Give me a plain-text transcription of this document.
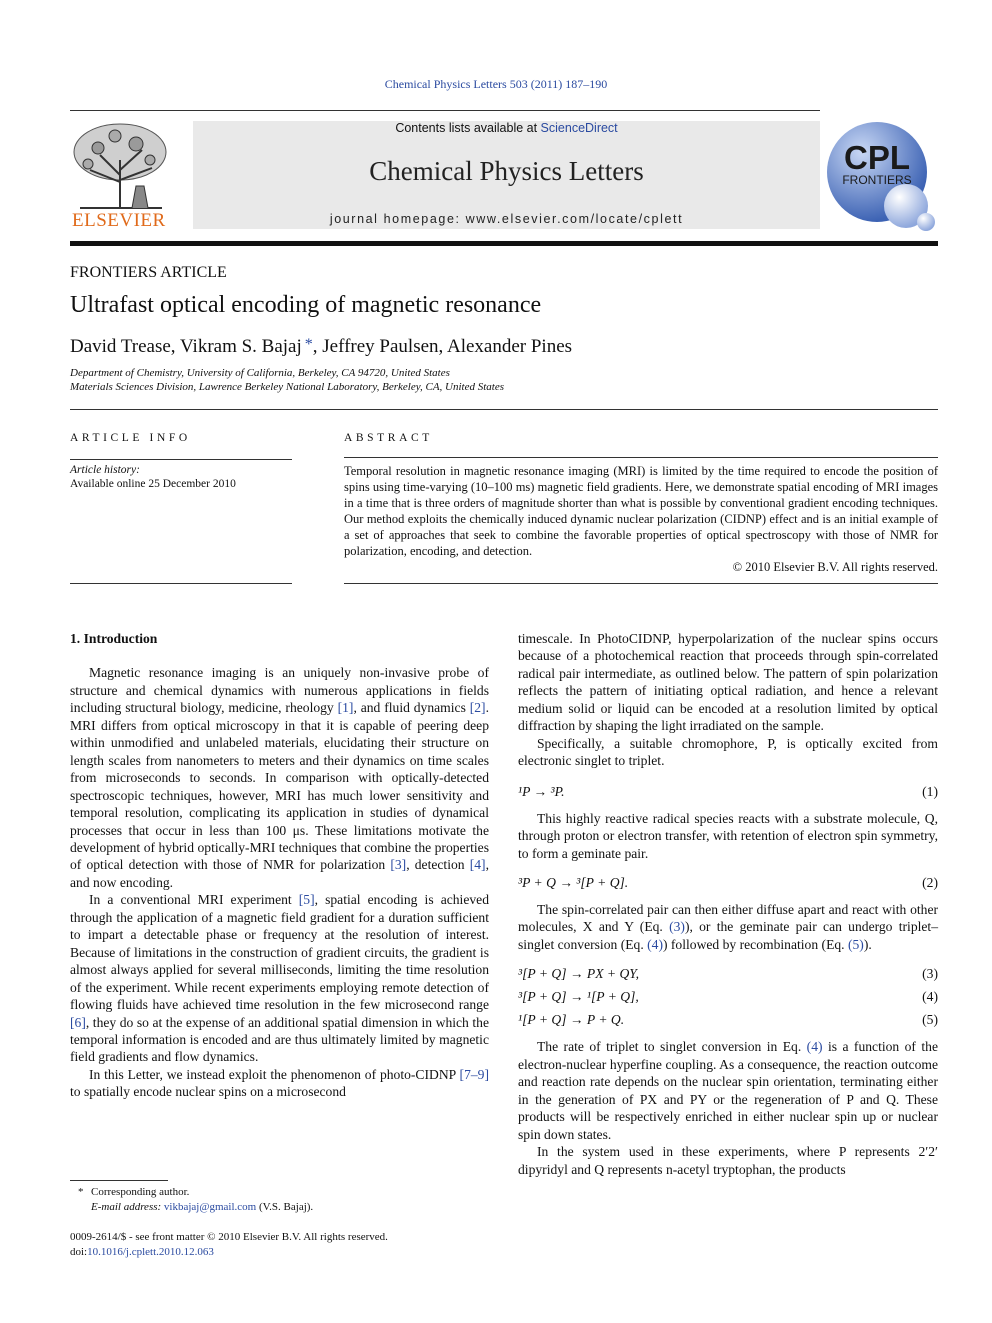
Chemical Physics Letters 503 (2011) 187–190
ELSEVIER
Contents lists available at ScienceDirect
Chemical Physics Letters
journal homepage: www.elsevier.com/locate/cplett
CPL
FRONTIERS
FRONTIERS ARTICLE
Ultrafast optical encoding of magnetic resonance
David Trease, Vikram S. Bajaj *, Jeffrey Paulsen, Alexander Pines
Department of Chemistry, University of California, Berkeley, CA 94720, United States
Materials Sciences Division, Lawrence Berkeley National Laboratory, Berkeley, CA, United States
ARTICLE INFO
Article history:
Available online 25 December 2010
ABSTRACT
Temporal resolution in magnetic resonance imaging (MRI) is limited by the time required to encode the position of spins using time-varying (10–100 ms) magnetic field gradients. Here, we demonstrate spatial encoding of MRI images in a time that is three orders of magnitude shorter than what is possible by conventional gradient encoding techniques. Our method exploits the chemically induced dynamic nuclear polarization (CIDNP) effect and is an initial example of a set of approaches that seek to combine the favorable properties of optical spectroscopy with those of NMR for polarization, encoding, and detection.
© 2010 Elsevier B.V. All rights reserved.
1. Introduction

Magnetic resonance imaging is an uniquely non-invasive probe of structure and chemical dynamics with numerous applications in fields including structural biology, medicine, rheology [1], and fluid dynamics [2]. MRI differs from optical microscopy in that it is capable of peering deep within unmodified and unlabeled materials, elucidating their structure on length scales from nanometers to meters and their dynamics on time scales from microseconds to seconds. In comparison with optically-detected spectroscopic techniques, however, MRI has much lower sensitivity and temporal resolution, complicating its application in studies of dynamical processes that occur in less than 100 μs. These limitations motivate the development of hybrid optically-MRI techniques that combine the properties of optical detection with those of NMR for polarization [3], detection [4], and now encoding.

In a conventional MRI experiment [5], spatial encoding is achieved through the application of a magnetic field gradient for a duration sufficient to impart a detectable phase or frequency at the resolution of interest. Because of limitations in the construction of gradient circuits, the gradient is almost always applied for several milliseconds, limiting the time resolution of the experiment. While recent experiments employing remote detection of flowing fluids have achieved time resolution in the few microsecond range [6], they do so at the expense of an additional spatial dimension in which the temporal information is encoded and are thus ultimately limited by magnetic field gradients and flow dynamics.

In this Letter, we instead exploit the phenomenon of photo-CIDNP [7–9] to spatially encode nuclear spins on a microsecond

* Corresponding author.
E-mail address: vikbajaj@gmail.com (V.S. Bajaj).
0009-2614/$ - see front matter © 2010 Elsevier B.V. All rights reserved.
doi:10.1016/j.cplett.2010.12.063

timescale. In PhotoCIDNP, hyperpolarization of the nuclear spins occurs because of a photochemical reaction that proceeds through spin-correlated radical pair intermediate, as outlined below. The pattern of spin polarization reflects the pattern of initiating optical radiation, and hence a relevant medium solid or liquid can be encoded at a resolution limited by optical diffraction by shaping the light irradiated on the sample.

Specifically, a suitable chromophore, P, is optically excited from electronic singlet to triplet.

¹P → ³P.	(1)

This highly reactive radical species reacts with a substrate molecule, Q, through proton or electron transfer, with retention of electron spin symmetry, to form a geminate pair.

³P + Q → ³[P + Q].	(2)

The spin-correlated pair can then either diffuse apart and react with other molecules, X and Y (Eq. (3)), or the geminate pair can undergo triplet–singlet conversion (Eq. (4)) followed by recombination (Eq. (5)).

³[P + Q] → PX + QY,	(3)
³[P + Q] → ¹[P + Q],	(4)
¹[P + Q] → P + Q.	(5)

The rate of triplet to singlet conversion in Eq. (4) is a function of the electron-nuclear hyperfine coupling. As a consequence, the reaction outcome and reaction rate depends on the nuclear spin orientation, terminating either in the generation of PX and PY or the regeneration of P and Q. These products will be respectively enriched in either nuclear spin up or nuclear spin down states.

In the system used in these experiments, where P represents 2′2′ dipyridyl and Q represents n-acetyl tryptophan, the products
